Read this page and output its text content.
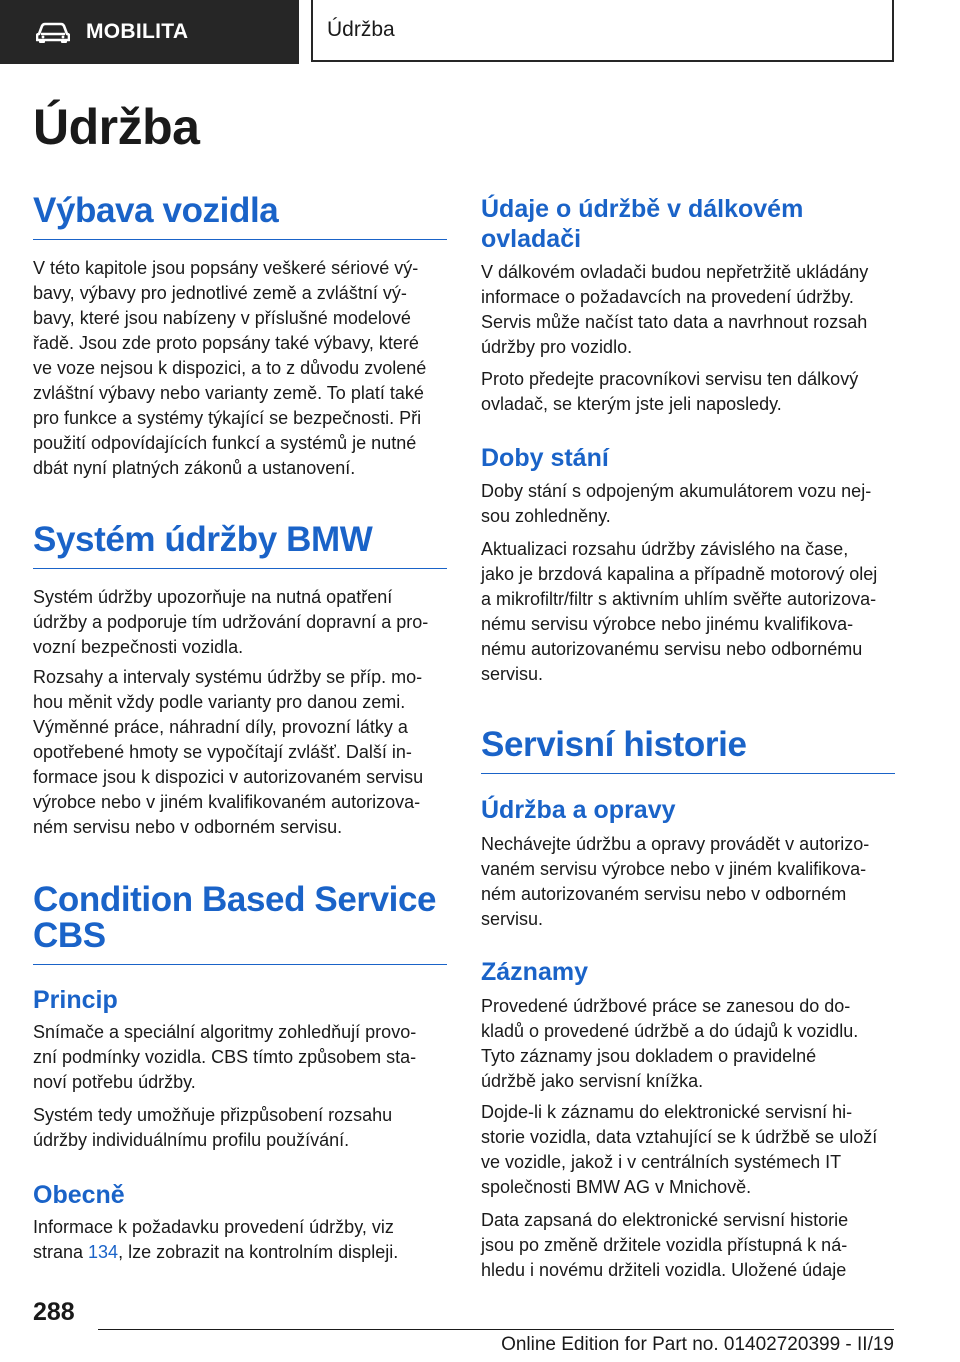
MOBILITA	Údržba
Údržba
Výbava vozidla
V této kapitole jsou popsány veškeré sériové vý-
bavy, výbavy pro jednotlivé země a zvláštní vý-
bavy, které jsou nabízeny v příslušné modelové
řadě. Jsou zde proto popsány také výbavy, které
ve voze nejsou k dispozici, a to z důvodu zvolené
zvláštní výbavy nebo varianty země. To platí také
pro funkce a systémy týkající se bezpečnosti. Při
použití odpovídajících funkcí a systémů je nutné
dbát nyní platných zákonů a ustanovení.
Systém údržby BMW
Systém údržby upozorňuje na nutná opatření
údržby a podporuje tím udržování dopravní a pro-
vozní bezpečnosti vozidla.
Rozsahy a intervaly systému údržby se příp. mo-
hou měnit vždy podle varianty pro danou zemi.
Výměnné práce, náhradní díly, provozní látky a
opotřebené hmoty se vypočítají zvlášť. Další in-
formace jsou k dispozici v autorizovaném servisu
výrobce nebo v jiném kvalifikovaném autorizova-
ném servisu nebo v odborném servisu.
Condition Based Service
CBS
Princip
Snímače a speciální algoritmy zohledňují provo-
zní podmínky vozidla. CBS tímto způsobem sta-
noví potřebu údržby.
Systém tedy umožňuje přizpůsobení rozsahu
údržby individuálnímu profilu používání.
Obecně
Informace k požadavku provedení údržby, viz
strana 134, lze zobrazit na kontrolním displeji.
Údaje o údržbě v dálkovém
ovladači
V dálkovém ovladači budou nepřetržitě ukládány
informace o požadavcích na provedení údržby.
Servis může načíst tato data a navrhnout rozsah
údržby pro vozidlo.
Proto předejte pracovníkovi servisu ten dálkový
ovladač, se kterým jste jeli naposledy.
Doby stání
Doby stání s odpojeným akumulátorem vozu nej-
sou zohledněny.
Aktualizaci rozsahu údržby závislého na čase,
jako je brzdová kapalina a případně motorový olej
a mikrofiltr/filtr s aktivním uhlím svěřte autorizova-
nému servisu výrobce nebo jinému kvalifikova-
nému autorizovanému servisu nebo odbornému
servisu.
Servisní historie
Údržba a opravy
Nechávejte údržbu a opravy provádět v autorizo-
vaném servisu výrobce nebo v jiném kvalifikova-
ném autorizovaném servisu nebo v odborném
servisu.
Záznamy
Provedené údržbové práce se zanesou do do-
kladů o provedené údržbě a do údajů k vozidlu.
Tyto záznamy jsou dokladem o pravidelné
údržbě jako servisní knížka.
Dojde-li k záznamu do elektronické servisní hi-
storie vozidla, data vztahující se k údržbě se uloží
ve vozidle, jakož i v centrálních systémech IT
společnosti BMW AG v Mnichově.
Data zapsaná do elektronické servisní historie
jsou po změně držitele vozidla přístupná k ná-
hledu i novému držiteli vozidla. Uložené údaje
288
Online Edition for Part no. 01402720399 - II/19
